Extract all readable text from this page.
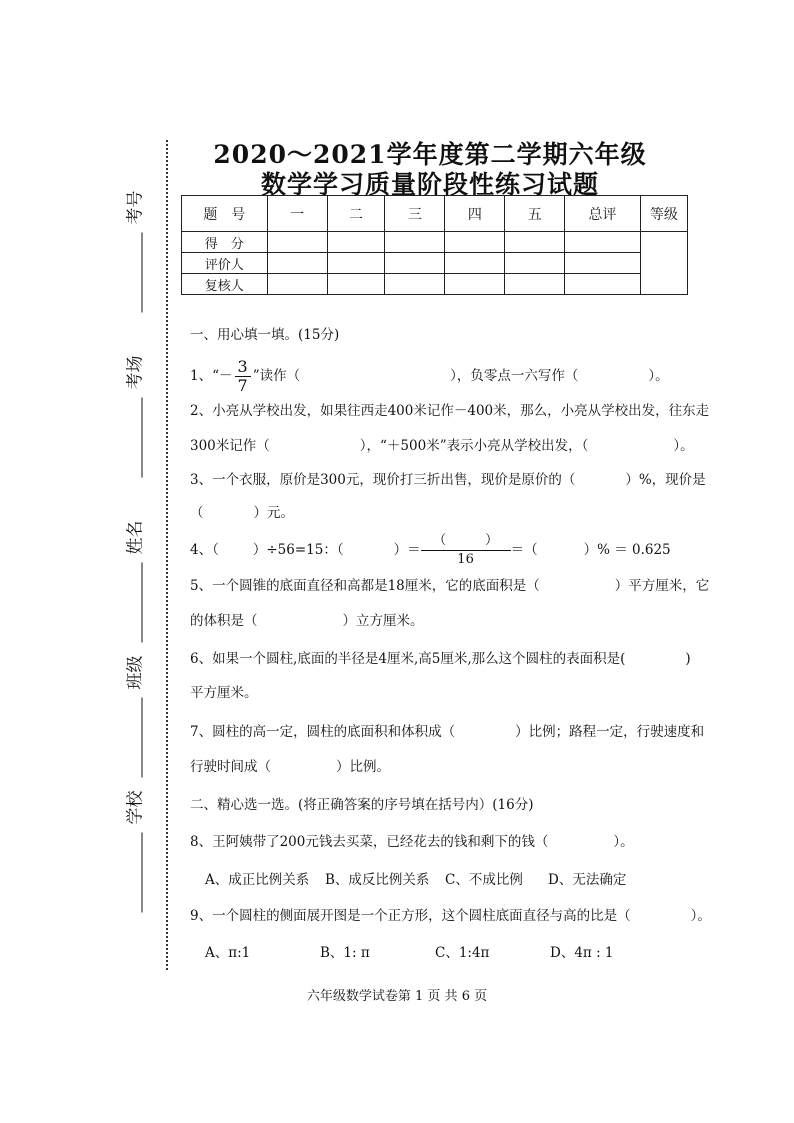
考号
考场
姓名
班级
学校
2020～2021学年度第二学期六年级
数学学习质量阶段性练习试题
题　号	一	二	三	四	五	总评	等级
得　分							
评价人							
复核人							
一、用心填一填。(15分)
1、“－ $\frac{3}{7}$ ”读作（	），负零点一六写作（	）。
2、小亮从学校出发，如果往西走400米记作－400米，那么，小亮从学校出发，往东走
300米记作（	），“＋500米”表示小亮从学校出发，（	）。
3、一个衣服，原价是300元，现价打三折出售，现价是原价的（	）%，现价是
（	）元。
4、（	）÷56=15：（	）＝ $\frac{( )}{16}$ ＝（	）% ＝ 0.625
5、一个圆锥的底面直径和高都是18厘米，它的底面积是（	）平方厘米，它
的体积是（	）立方厘米。
6、如果一个圆柱,底面的半径是4厘米,高5厘米,那么这个圆柱的表面积是(	)
平方厘米。
7、圆柱的高一定，圆柱的底面积和体积成（	）比例；路程一定，行驶速度和
行驶时间成（	）比例。
二、精心选一选。(将正确答案的序号填在括号内）(16分)
8、王阿姨带了200元钱去买菜，已经花去的钱和剩下的钱（	）。
A、成正比例关系 B、成反比例关系 C、不成比例 D、无法确定
9、一个圆柱的侧面展开图是一个正方形，这个圆柱底面直径与高的比是（	）。
A、π:1	B、1: π	C、1:4π	D、4π : 1
六年级数学试卷第 1 页 共 6 页
